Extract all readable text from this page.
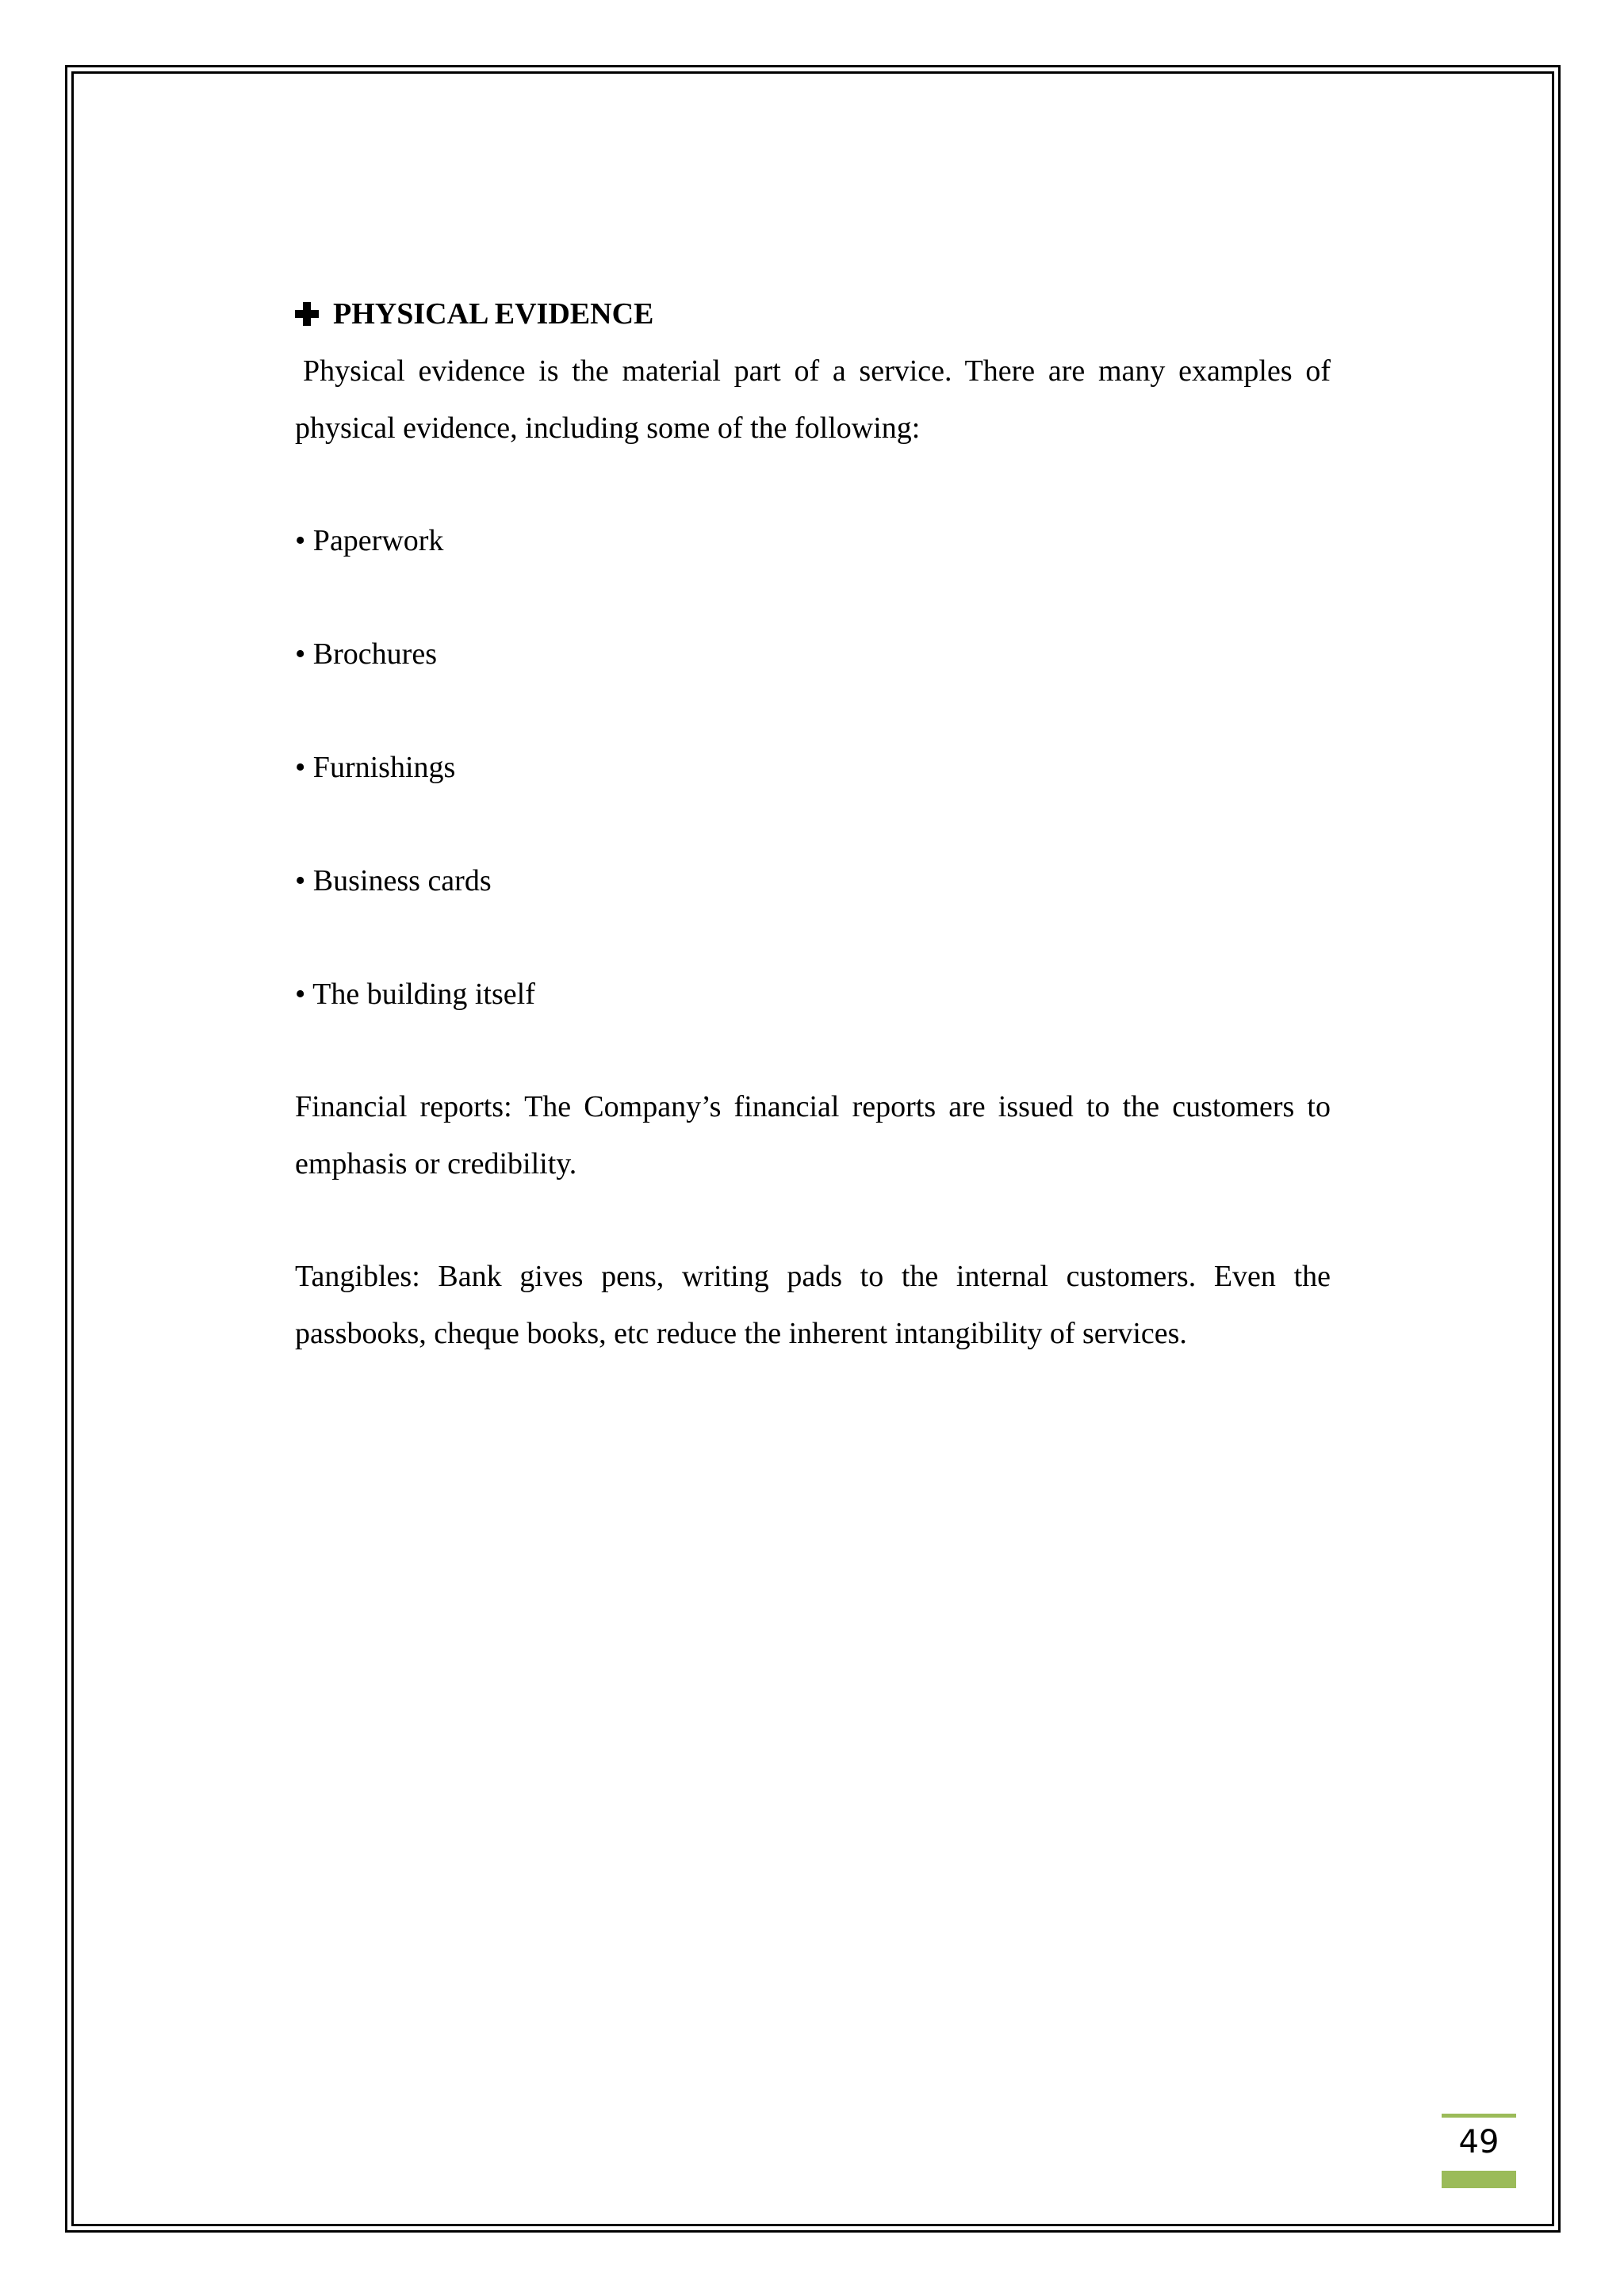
PHYSICAL EVIDENCE

Physical evidence is the material part of a service. There are many examples of physical evidence, including some of the following:

• Paperwork
• Brochures
• Furnishings
• Business cards
• The building itself

Financial reports: The Company’s financial reports are issued to the customers to emphasis or credibility.

Tangibles: Bank gives pens, writing pads to the internal customers. Even the passbooks, cheque books, etc reduce the inherent intangibility of services.

49
